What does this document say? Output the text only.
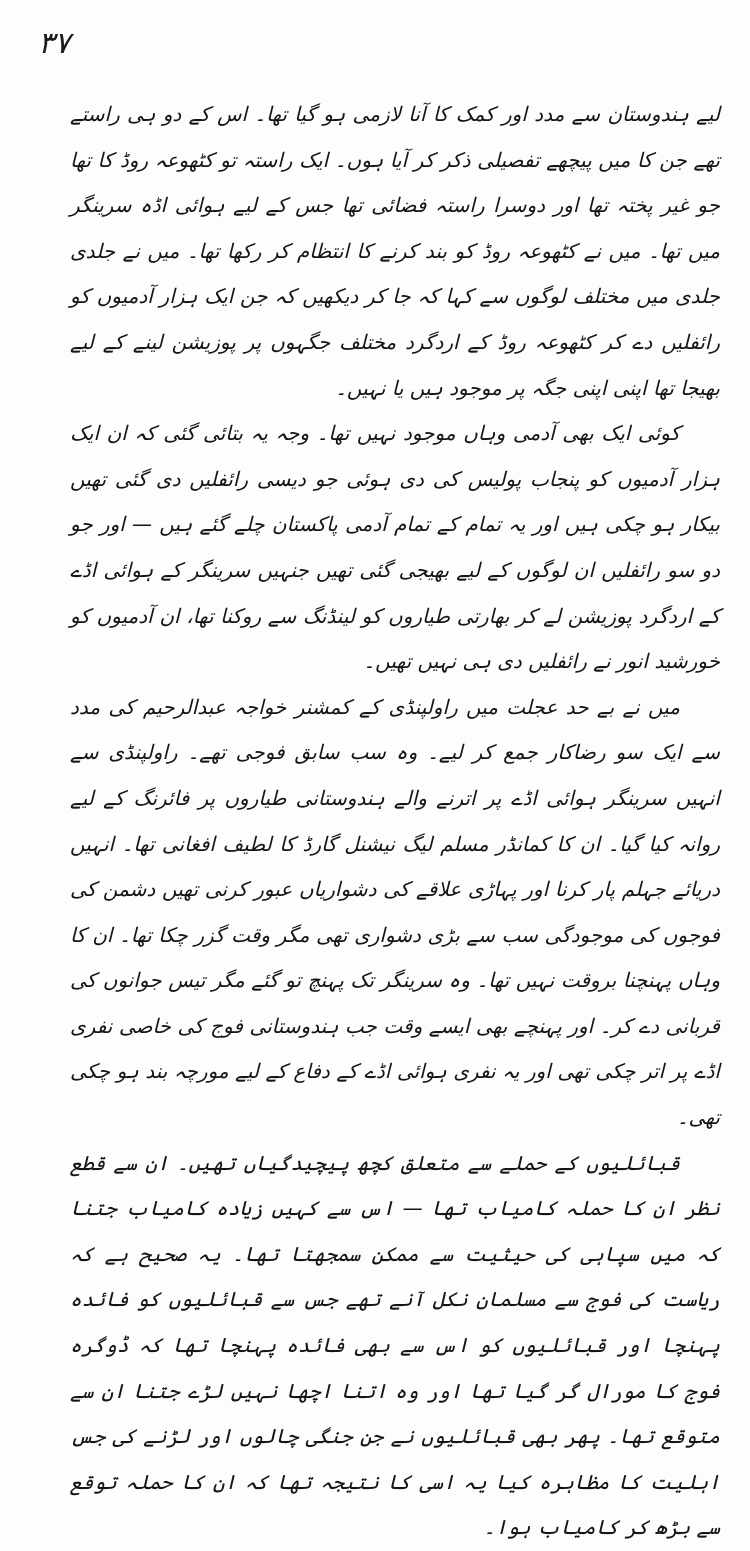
۳۷

لیے ہندوستان سے مدد اور کمک کا آنا لازمی ہو گیا تھا۔ اس کے دو ہی راستے تھے جن کا میں پیچھے تفصیلی ذکر کر آیا ہوں۔ ایک راستہ تو کٹھوعہ روڈ کا تھا جو غیر پختہ تھا اور دوسرا راستہ فضائی تھا جس کے لیے ہوائی اڈہ سرینگر میں تھا۔ میں نے کٹھوعہ روڈ کو بند کرنے کا انتظام کر رکھا تھا۔ میں نے جلدی جلدی میں مختلف لوگوں سے کہا کہ جا کر دیکھیں کہ جن ایک ہزار آدمیوں کو رائفلیں دے کر کٹھوعہ روڈ کے اردگرد مختلف جگہوں پر پوزیشن لینے کے لیے بھیجا تھا اپنی اپنی جگہ پر موجود ہیں یا نہیں۔

کوئی ایک بھی آدمی وہاں موجود نہیں تھا۔ وجہ یہ بتائی گئی کہ ان ایک ہزار آدمیوں کو پنجاب پولیس کی دی ہوئی جو دیسی رائفلیں دی گئی تھیں بیکار ہو چکی ہیں اور یہ تمام کے تمام آدمی پاکستان چلے گئے ہیں — اور جو دو سو رائفلیں ان لوگوں کے لیے بھیجی گئی تھیں جنہیں سرینگر کے ہوائی اڈے کے اردگرد پوزیشن لے کر بھارتی طیاروں کو لینڈنگ سے روکنا تھا، ان آدمیوں کو خورشید انور نے رائفلیں دی ہی نہیں تھیں۔

میں نے بے حد عجلت میں راولپنڈی کے کمشنر خواجہ عبدالرحیم کی مدد سے ایک سو رضاکار جمع کر لیے۔ وہ سب سابق فوجی تھے۔ راولپنڈی سے انہیں سرینگر ہوائی اڈے پر اترنے والے ہندوستانی طیاروں پر فائرنگ کے لیے روانہ کیا گیا۔ ان کا کمانڈر مسلم لیگ نیشنل گارڈ کا لطیف افغانی تھا۔ انہیں دریائے جہلم پار کرنا اور پہاڑی علاقے کی دشواریاں عبور کرنی تھیں دشمن کی فوجوں کی موجودگی سب سے بڑی دشواری تھی مگر وقت گزر چکا تھا۔ ان کا وہاں پہنچنا بروقت نہیں تھا۔ وہ سرینگر تک پہنچ تو گئے مگر تیس جوانوں کی قربانی دے کر۔ اور پہنچے بھی ایسے وقت جب ہندوستانی فوج کی خاصی نفری اڈے پر اتر چکی تھی اور یہ نفری ہوائی اڈے کے دفاع کے لیے مورچہ بند ہو چکی تھی۔

قبائلیوں کے حملے سے متعلق کچھ پیچیدگیاں تھیں۔ ان سے قطع نظر ان کا حملہ کامیاب تھا — اس سے کہیں زیادہ کامیاب جتنا کہ میں سپاہی کی حیثیت سے ممکن سمجھتا تھا۔ یہ صحیح ہے کہ ریاست کی فوج سے مسلمان نکل آنے تھے جس سے قبائلیوں کو فائدہ پہنچا اور قبائلیوں کو اس سے بھی فائدہ پہنچا تھا کہ ڈوگرہ فوج کا مورال گر گیا تھا اور وہ اتنا اچھا نہیں لڑے جتنا ان سے متوقع تھا۔ پھر بھی قبائلیوں نے جن جنگی چالوں اور لڑنے کی جس اہلیت کا مظاہرہ کیا یہ اسی کا نتیجہ تھا کہ ان کا حملہ توقع سے بڑھ کر کامیاب ہوا۔
